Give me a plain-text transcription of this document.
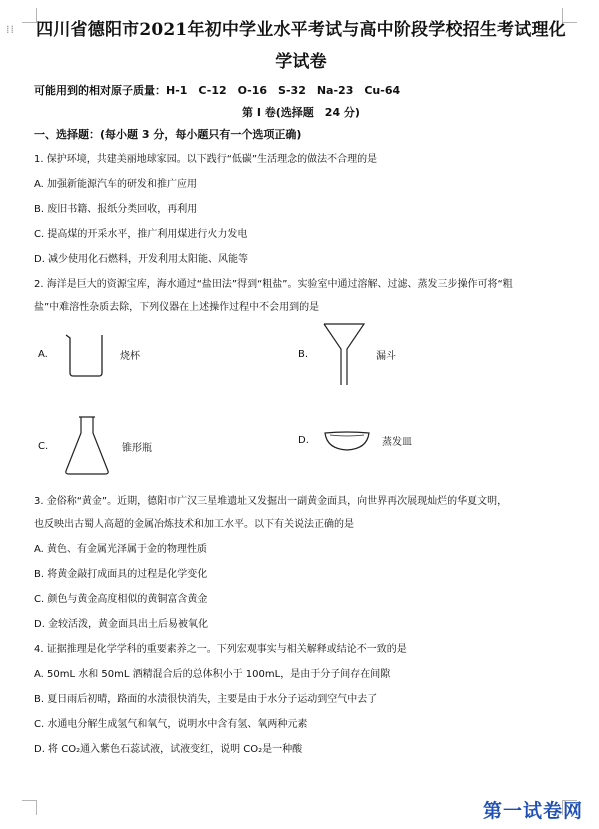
⁞⁞ 四川省德阳市2021年初中学业水平考试与高中阶段学校招生考试理化

学试卷

可能用到的相对原子质量：H-1　C-12　O-16　S-32　Na-23　Cu-64
第 I 卷(选择题　24 分)
一、选择题：(每小题 3 分，每小题只有一个选项正确)
1. 保护环境，共建美丽地球家园。以下践行“低碳”生活理念的做法不合理的是
A. 加强新能源汽车的研发和推广应用
B. 废旧书籍、报纸分类回收，再利用
C. 提高煤的开采水平，推广利用煤进行火力发电
D. 减少使用化石燃料，开发利用太阳能、风能等
2. 海洋是巨大的资源宝库，海水通过“盐田法”得到“粗盐”。实验室中通过溶解、过滤、蒸发三步操作可将“粗
盐”中难溶性杂质去除，下列仪器在上述操作过程中不会用到的是
A.	烧杯	B.	漏斗
C.	锥形瓶
D.	蒸发皿
3. 金俗称“黄金”。近期，德阳市广汉三星堆遗址又发掘出一副黄金面具，向世界再次展现灿烂的华夏文明，
也反映出古蜀人高超的金属冶炼技术和加工水平。以下有关说法正确的是
A. 黄色、有金属光泽属于金的物理性质
B. 将黄金敲打成面具的过程是化学变化
C. 颜色与黄金高度相似的黄铜富含黄金
D. 金较活泼，黄金面具出土后易被氧化
4. 证据推理是化学学科的重要素养之一。下列宏观事实与相关解释或结论不一致的是
A. 50mL 水和 50mL 酒精混合后的总体积小于 100mL，是由于分子间存在间隙
B. 夏日雨后初晴，路面的水渍很快消失，主要是由于水分子运动到空气中去了
C. 水通电分解生成氢气和氧气，说明水中含有氢、氧两种元素
D. 将 CO₂通入紫色石蕊试液，试液变红，说明 CO₂是一种酸
第一试卷网
